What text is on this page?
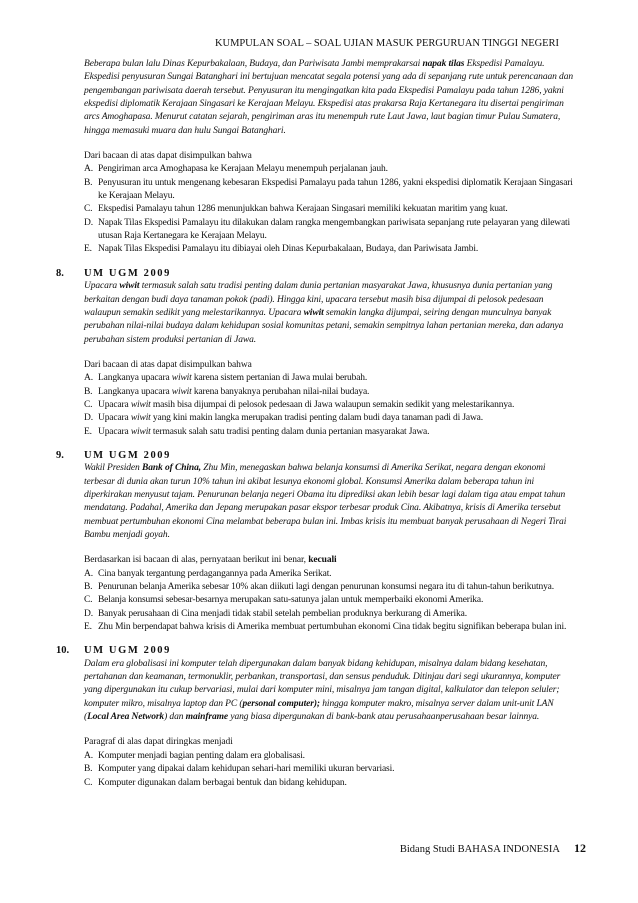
KUMPULAN SOAL – SOAL UJIAN MASUK PERGURUAN TINGGI NEGERI
Beberapa bulan lalu Dinas Kepurbakalaan, Budaya, dan Pariwisata Jambi memprakarsai napak tilas Ekspedisi Pamalayu. Ekspedisi penyusuran Sungai Batanghari ini bertujuan mencatat segala potensi yang ada di sepanjang rute untuk perencanaan dan pengembangan pariwisata daerah tersebut. Penyusuran itu mengingatkan kita pada Ekspedisi Pamalayu pada tahun 1286, yakni ekspedisi diplomatik Kerajaan Singasari ke Kerajaan Melayu. Ekspedisi atas prakarsa Raja Kertanegara itu disertai pengiriman arcs Amoghapasa. Menurut catatan sejarah, pengiriman aras itu menempuh rute Laut Jawa, laut bagian timur Pulau Sumatera, hingga memasuki muara dan hulu Sungai Batanghari.
Dari bacaan di atas dapat disimpulkan bahwa
A. Pengiriman arca Amoghapasa ke Kerajaan Melayu menempuh perjalanan jauh.
B. Penyusuran itu untuk mengenang kebesaran Ekspedisi Pamalayu pada tahun 1286, yakni ekspedisi diplomatik Kerajaan Singasari ke Kerajaan Melayu.
C. Ekspedisi Pamalayu tahun 1286 menunjukkan bahwa Kerajaan Singasari memiliki kekuatan maritim yang kuat.
D. Napak Tilas Ekspedisi Pamalayu itu dilakukan dalam rangka mengembangkan pariwisata sepanjang rute pelayaran yang dilewati utusan Raja Kertanegara ke Kerajaan Melayu.
E. Napak Tilas Ekspedisi Pamalayu itu dibiayai oleh Dinas Kepurbakalaan, Budaya, dan Pariwisata Jambi.
8.	UM UGM 2009
Upacara wiwit termasuk salah satu tradisi penting dalam dunia pertanian masyarakat Jawa, khususnya dunia pertanian yang berkaitan dengan budi daya tanaman pokok (padi). Hingga kini, upacara tersebut masih bisa dijumpai di pelosok pedesaan walaupun semakin sedikit yang melestarikannya. Upacara wiwit semakin langka dijumpai, seiring dengan munculnya banyak perubahan nilai-nilai budaya dalam kehidupan sosial komunitas petani, semakin sempitnya lahan pertanian mereka, dan adanya perubahan sistem produksi pertanian di Jawa.
Dari bacaan di atas dapat disimpulkan bahwa
A. Langkanya upacara wiwit karena sistem pertanian di Jawa mulai berubah.
B. Langkanya upacara wiwit karena banyaknya perubahan nilai-nilai budaya.
C. Upacara wiwit masih bisa dijumpai di pelosok pedesaan di Jawa walaupun semakin sedikit yang melestarikannya.
D. Upacara wiwit yang kini makin langka merupakan tradisi penting dalam budi daya tanaman padi di Jawa.
E. Upacara wiwit termasuk salah satu tradisi penting dalam dunia pertanian masyarakat Jawa.
9.	UM UGM 2009
Wakil Presiden Bank of China, Zhu Min, menegaskan bahwa belanja konsumsi di Amerika Serikat, negara dengan ekonomi terbesar di dunia akan turun 10% tahun ini akibat lesunya ekonomi global. Konsumsi Amerika dalam beberapa tahun ini diperkirakan menyusut tajam. Penurunan belanja negeri Obama itu diprediksi akan lebih besar lagi dalam tiga atau empat tahun mendatang. Padahal, Amerika dan Jepang merupakan pasar ekspor terbesar produk Cina. Akibatnya, krisis di Amerika tersebut membuat pertumbuhan ekonomi Cina melambat beberapa bulan ini. Imbas krisis itu membuat banyak perusahaan di Negeri Tirai Bambu menjadi goyah.
Berdasarkan isi bacaan di alas, pernyataan berikut ini benar, kecuali
A. Cina banyak tergantung perdagangannya pada Amerika Serikat.
B. Penurunan belanja Amerika sebesar 10% akan diikuti lagi dengan penurunan konsumsi negara itu di tahun-tahun berikutnya.
C. Belanja konsumsi sebesar-besarnya merupakan satu-satunya jalan untuk memperbaiki ekonomi Amerika.
D. Banyak perusahaan di Cina menjadi tidak stabil setelah pembelian produknya berkurang di Amerika.
E. Zhu Min berpendapat bahwa krisis di Amerika membuat pertumbuhan ekonomi Cina tidak begitu signifikan beberapa bulan ini.
10.	UM UGM 2009
Dalam era globalisasi ini komputer telah dipergunakan dalam banyak bidang kehidupan, misalnya dalam bidang kesehatan, pertahanan dan keamanan, termonuklir, perbankan, transportasi, dan sensus penduduk. Ditinjau dari segi ukurannya, komputer yang dipergunakan itu cukup bervariasi, mulai dari komputer mini, misalnya jam tangan digital, kalkulator dan telepon seluler; komputer mikro, misalnya laptop dan PC (personal computer); hingga komputer makro, misalnya server dalam unit-unit LAN (Local Area Network) dan mainframe yang biasa dipergunakan di bank-bank atau perusahaanperusahaan besar lainnya.
Paragraf di alas dapat diringkas menjadi
A. Komputer menjadi bagian penting dalam era globalisasi.
B. Komputer yang dipakai dalam kehidupan sehari-hari memiliki ukuran bervariasi.
C. Komputer digunakan dalam berbagai bentuk dan bidang kehidupan.
Bidang Studi BAHASA INDONESIA 12
